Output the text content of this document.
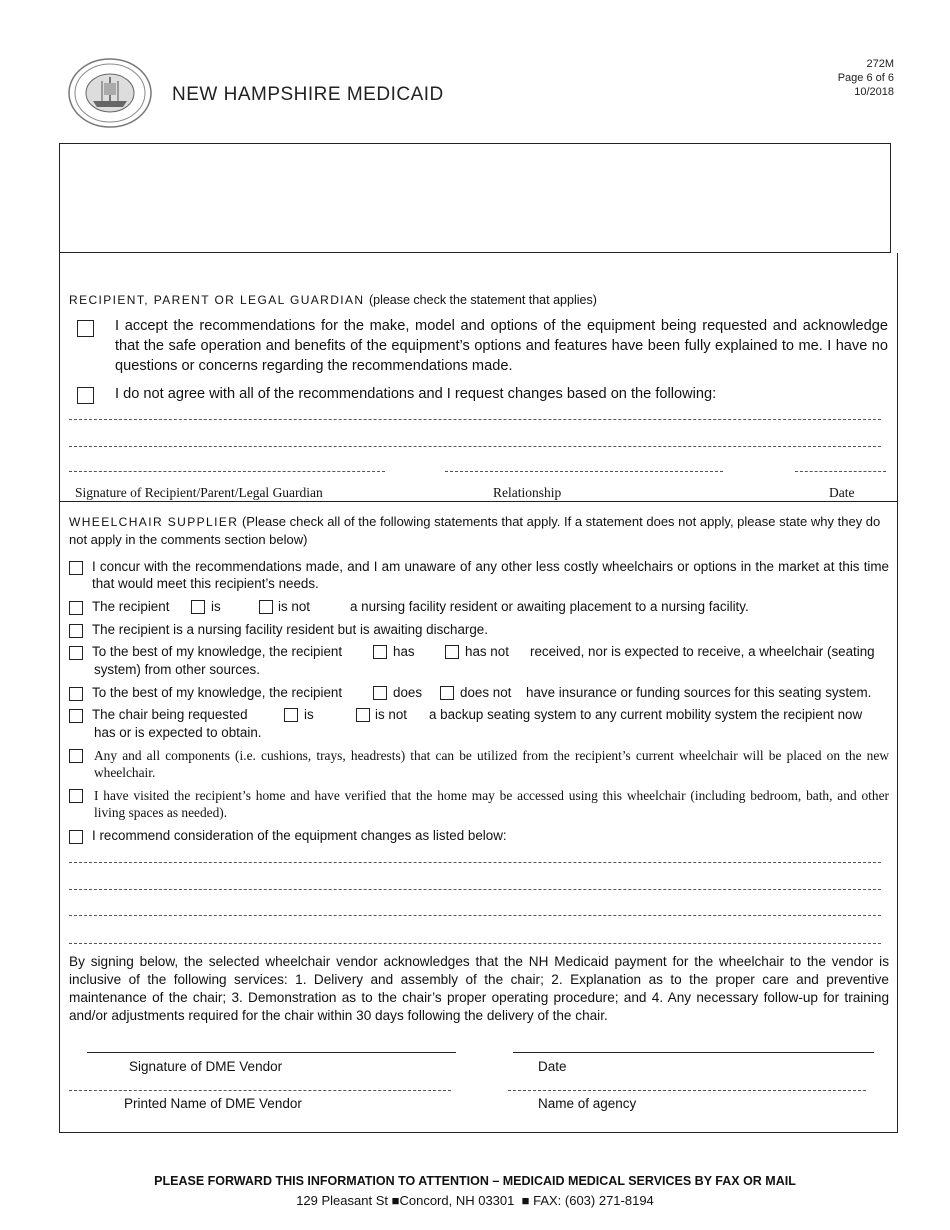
NEW HAMPSHIRE MEDICAID
272M
Page 6 of 6
10/2018
RECIPIENT, PARENT OR LEGAL GUARDIAN (please check the statement that applies)
I accept the recommendations for the make, model and options of the equipment being requested and acknowledge that the safe operation and benefits of the equipment’s options and features have been fully explained to me. I have no questions or concerns regarding the recommendations made.
I do not agree with all of the recommendations and I request changes based on the following:
Signature of Recipient/Parent/Legal Guardian	Relationship	Date
WHEELCHAIR SUPPLIER (Please check all of the following statements that apply. If a statement does not apply, please state why they do not apply in the comments section below)
I concur with the recommendations made, and I am unaware of any other less costly wheelchairs or options in the market at this time that would meet this recipient’s needs.
The recipient	is	is not	a nursing facility resident or awaiting placement to a nursing facility.
The recipient is a nursing facility resident but is awaiting discharge.
To the best of my knowledge, the recipient	has	has not received, nor is expected to receive, a wheelchair (seating
system) from other sources.
To the best of my knowledge, the recipient	does	does not have insurance or funding sources for this seating system.
The chair being requested	is	is not a backup seating system to any current mobility system the recipient now
has or is expected to obtain.
Any and all components (i.e. cushions, trays, headrests) that can be utilized from the recipient’s current wheelchair will be placed on the new wheelchair.
I have visited the recipient’s home and have verified that the home may be accessed using this wheelchair (including bedroom, bath, and other living spaces as needed).
I recommend consideration of the equipment changes as listed below:
By signing below, the selected wheelchair vendor acknowledges that the NH Medicaid payment for the wheelchair to the vendor is inclusive of the following services: 1. Delivery and assembly of the chair; 2. Explanation as to the proper care and preventive maintenance of the chair; 3. Demonstration as to the chair’s proper operating procedure; and 4. Any necessary follow-up for training and/or adjustments required for the chair within 30 days following the delivery of the chair.
Signature of DME Vendor	Date
Printed Name of DME Vendor	Name of agency
PLEASE FORWARD THIS INFORMATION TO ATTENTION – MEDICAID MEDICAL SERVICES BY FAX OR MAIL
129 Pleasant St ■Concord, NH 03301 ■ FAX: (603) 271-8194
